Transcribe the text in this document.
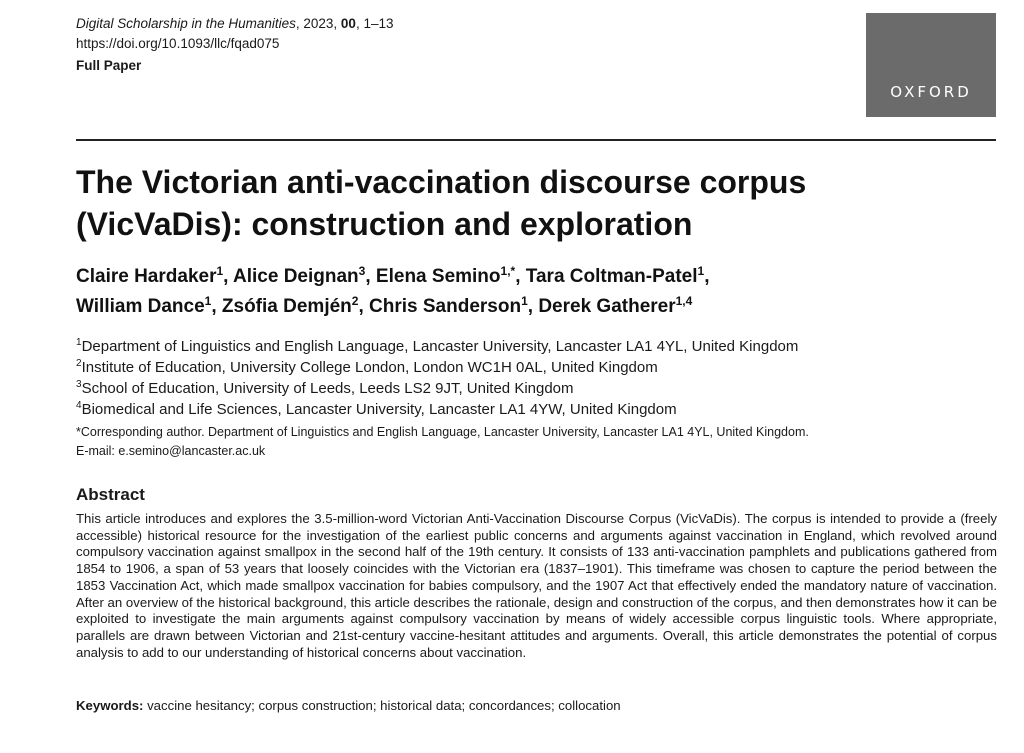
Digital Scholarship in the Humanities, 2023, 00, 1–13
https://doi.org/10.1093/llc/fqad075
Full Paper
OXFORD
The Victorian anti-vaccination discourse corpus (VicVaDis): construction and exploration
Claire Hardaker$^1$, Alice Deignan$^3$, Elena Semino$^{1,*}$, Tara Coltman-Patel$^1$,
William Dance$^1$, Zsófia Demjén$^2$, Chris Sanderson$^1$, Derek Gatherer$^{1,4}$
$^1$Department of Linguistics and English Language, Lancaster University, Lancaster LA1 4YL, United Kingdom
$^2$Institute of Education, University College London, London WC1H 0AL, United Kingdom
$^3$School of Education, University of Leeds, Leeds LS2 9JT, United Kingdom
$^4$Biomedical and Life Sciences, Lancaster University, Lancaster LA1 4YW, United Kingdom
*Corresponding author. Department of Linguistics and English Language, Lancaster University, Lancaster LA1 4YL, United Kingdom.
E-mail: e.semino@lancaster.ac.uk
Abstract

This article introduces and explores the 3.5-million-word Victorian Anti-Vaccination Discourse Corpus (VicVaDis). The corpus is intended to provide a (freely accessible) historical resource for the investigation of the earliest public concerns and arguments against vaccination in England, which revolved around compulsory vaccination against smallpox in the second half of the 19th century. It consists of 133 anti-vaccination pamphlets and publications gathered from 1854 to 1906, a span of 53 years that loosely coincides with the Victorian era (1837–1901). This timeframe was chosen to capture the period between the 1853 Vaccination Act, which made smallpox vaccination for babies compulsory, and the 1907 Act that effectively ended the mandatory nature of vaccination. After an overview of the historical background, this article describes the rationale, design and construction of the corpus, and then demonstrates how it can be exploited to investigate the main arguments against compulsory vaccination by means of widely accessible corpus linguistic tools. Where appropriate, parallels are drawn between Victorian and 21st-century vaccine-hesitant attitudes and arguments. Overall, this article demonstrates the potential of corpus analysis to add to our understanding of historical concerns about vaccination.

Keywords: vaccine hesitancy; corpus construction; historical data; concordances; collocation
